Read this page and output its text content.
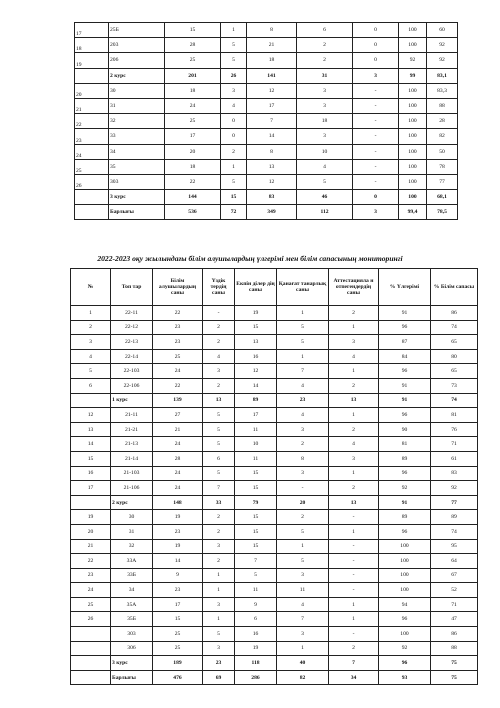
17	25Б	15	1	8	6	0	100	60
18	203	28	5	21	2	0	100	92
19	206	25	5	18	2	0	92	92
	2 курс	201	26	141	31	3	99	83,1
20	30	18	3	12	3	-	100	83,3
21	31	24	4	17	3	-	100	88
22	32	25	0	7	18	-	100	28
23	33	17	0	14	3	-	100	82
24	34	20	2	8	10	-	100	50
25	35	18	1	13	4	-	100	78
26	303	22	5	12	5	-	100	77
	3 курс	144	15	83	46	0	100	68,1
	Барлығы	536	72	349	112	3	99,4	78,5
2022-2023 оқу жылындағы білім алушылардың үлгерімі мен білім сапасының мониторингі
№	Топ тар	Білім алушылардың саны	Үздік тердің саны	Екпін ділер дің саны	Қанағат танарлық саны	Аттестацияла н отпегендердің саны	% Үлгерімі	% Білім сапасы
1	22-11	22	-	19	1	2	91	86
2	22-12	23	2	15	5	1	96	74
3	22-13	23	2	13	5	3	87	65
4	22-14	25	4	16	1	4	84	80
5	22-103	24	3	12	7	1	96	65
6	22-106	22	2	14	4	2	91	73
	1 курс	139	13	89	23	13	91	74
12	21-11	27	5	17	4	1	96	81
13	21-21	21	5	11	3	2	90	76
14	21-13	24	5	10	2	4	81	71
15	21-14	28	6	11	8	3	89	61
16	21-103	24	5	15	3	1	96	83
17	21-106	24	7	15	-	2	92	92
	2 курс	148	33	79	20	13	91	77
19	30	19	2	15	2	-	89	89
20	31	23	2	15	5	1	96	74
21	32	19	3	15	1	-	100	95
22	33А	14	2	7	5	-	100	64
23	33Б	9	1	5	3	-	100	67
24	34	23	1	11	11	-	100	52
25	35А	17	3	9	4	1	94	71
26	35Б	15	1	6	7	1	96	47
	303	25	5	16	3	-	100	86
	306	25	3	19	1	2	92	88
	3 курс	189	23	118	40	7	96	75
	Барлығы	476	69	286	82	34	93	75
